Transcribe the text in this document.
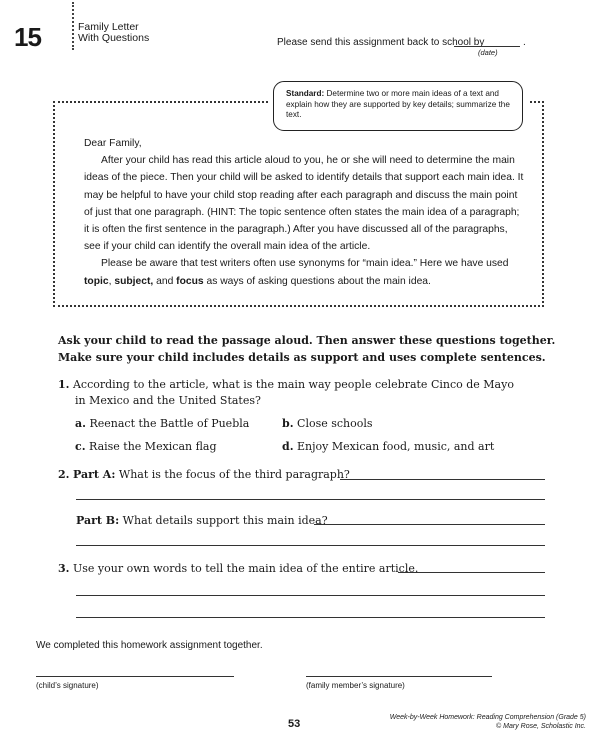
15	Family Letter
With Questions	Please send this assignment back to school by	.
(date)
Standard: Determine two or more main ideas of a text and explain how they are supported by key details; summarize the text.

Dear Family,

After your child has read this article aloud to you, he or she will need to determine the main ideas of the piece. Then your child will be asked to identify details that support each main idea. It may be helpful to have your child stop reading after each paragraph and discuss the main point of just that one paragraph. (HINT: The topic sentence often states the main idea of a paragraph; it is often the first sentence in the paragraph.) After you have discussed all of the paragraphs, see if your child can identify the overall main idea of the article.

Please be aware that test writers often use synonyms for “main idea.” Here we have used
topic, subject, and focus as ways of asking questions about the main idea.

Ask your child to read the passage aloud. Then answer these questions together.
Make sure your child includes details as support and uses complete sentences.
1. According to the article, what is the main way people celebrate Cinco de Mayo
in Mexico and the United States?
a. Reenact the Battle of Puebla	b. Close schools
c. Raise the Mexican flag	d. Enjoy Mexican food, music, and art
2. Part A: What is the focus of the third paragraph?
Part B: What details support this main idea?
3. Use your own words to tell the main idea of the entire article.
We completed this homework assignment together.
(child’s signature)	(family member’s signature)
53
Week-by-Week Homework: Reading Comprehension (Grade 5)
© Mary Rose, Scholastic Inc.
